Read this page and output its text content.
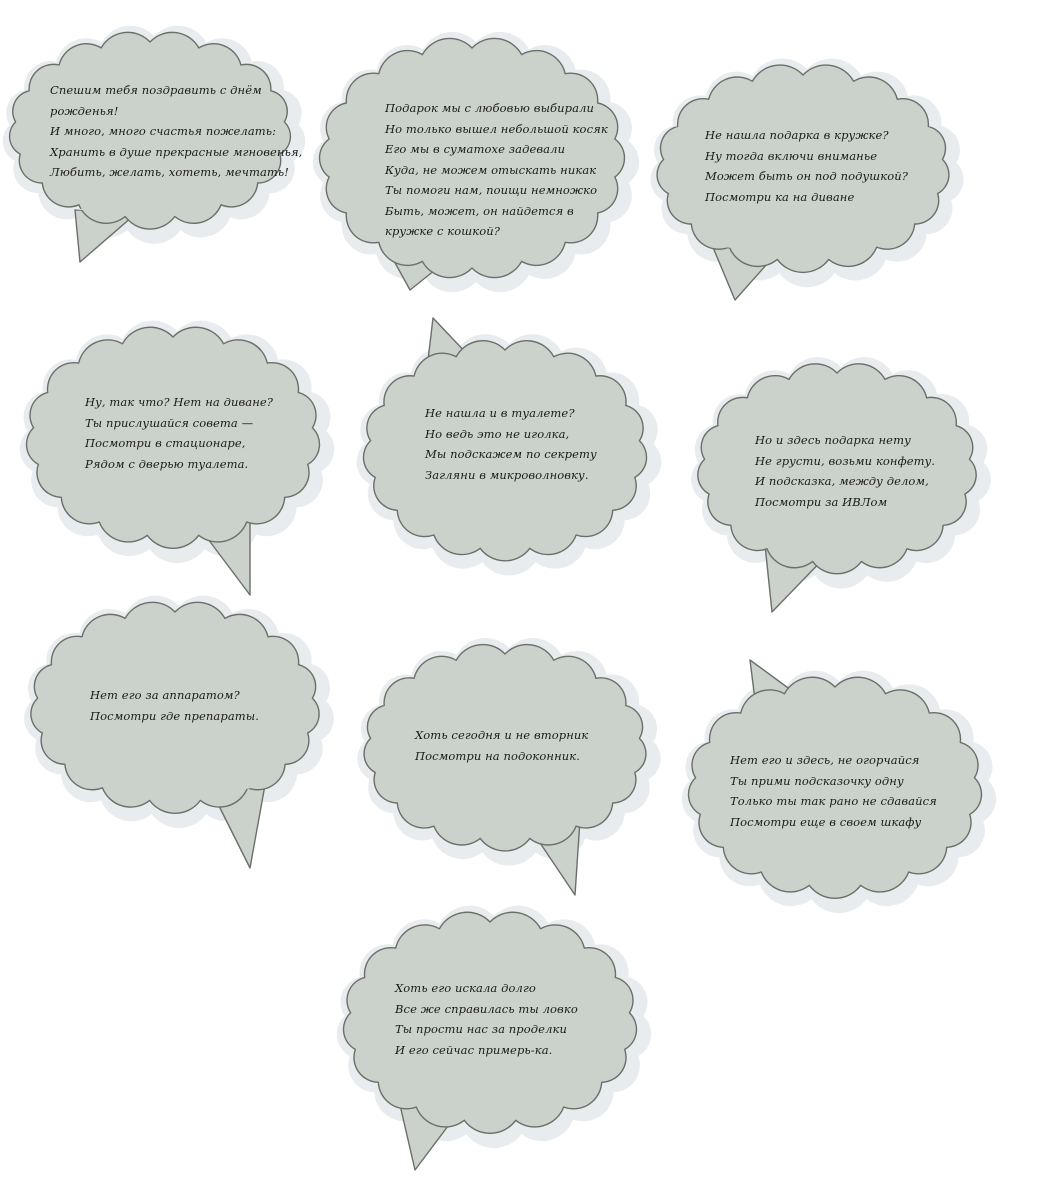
Спешим тебя поздравить с днём
рожденья!
И много, много счастья пожелать:
Хранить в душе прекрасные мгновенья,
Любить, желать, хотеть, мечтать!
Подарок мы с любовью выбирали
Но только вышел небольшой косяк
Его мы в суматохе задевали
Куда, не можем отыскать никак
Ты помоги нам, поищи немножко
Быть, может, он найдется в
кружке с кошкой?
Не нашла подарка в кружке?
Ну тогда включи вниманье
Может быть он под подушкой?
Посмотри ка на диване
Ну, так что? Нет на диване?
Ты прислушайся совета —
Посмотри в стационаре,
Рядом с дверью туалета.
Не нашла и в туалете?
Но ведь это не иголка,
Мы подскажем по секрету
Загляни в микроволновку.
Но и здесь подарка нету
Не грусти, возьми конфету.
И подсказка, между делом,
Посмотри за ИВЛом
Нет его за аппаратом?
Посмотри где препараты.
Хоть сегодня и не вторник
Посмотри на подоконник.	Нет его и здесь, не огорчайся
Ты прими подсказочку одну
Только ты так рано не сдавайся
Посмотри еще в своем шкафу
Хоть его искала долго
Все же справилась ты ловко
Ты прости нас за проделки
И его сейчас примерь-ка.
